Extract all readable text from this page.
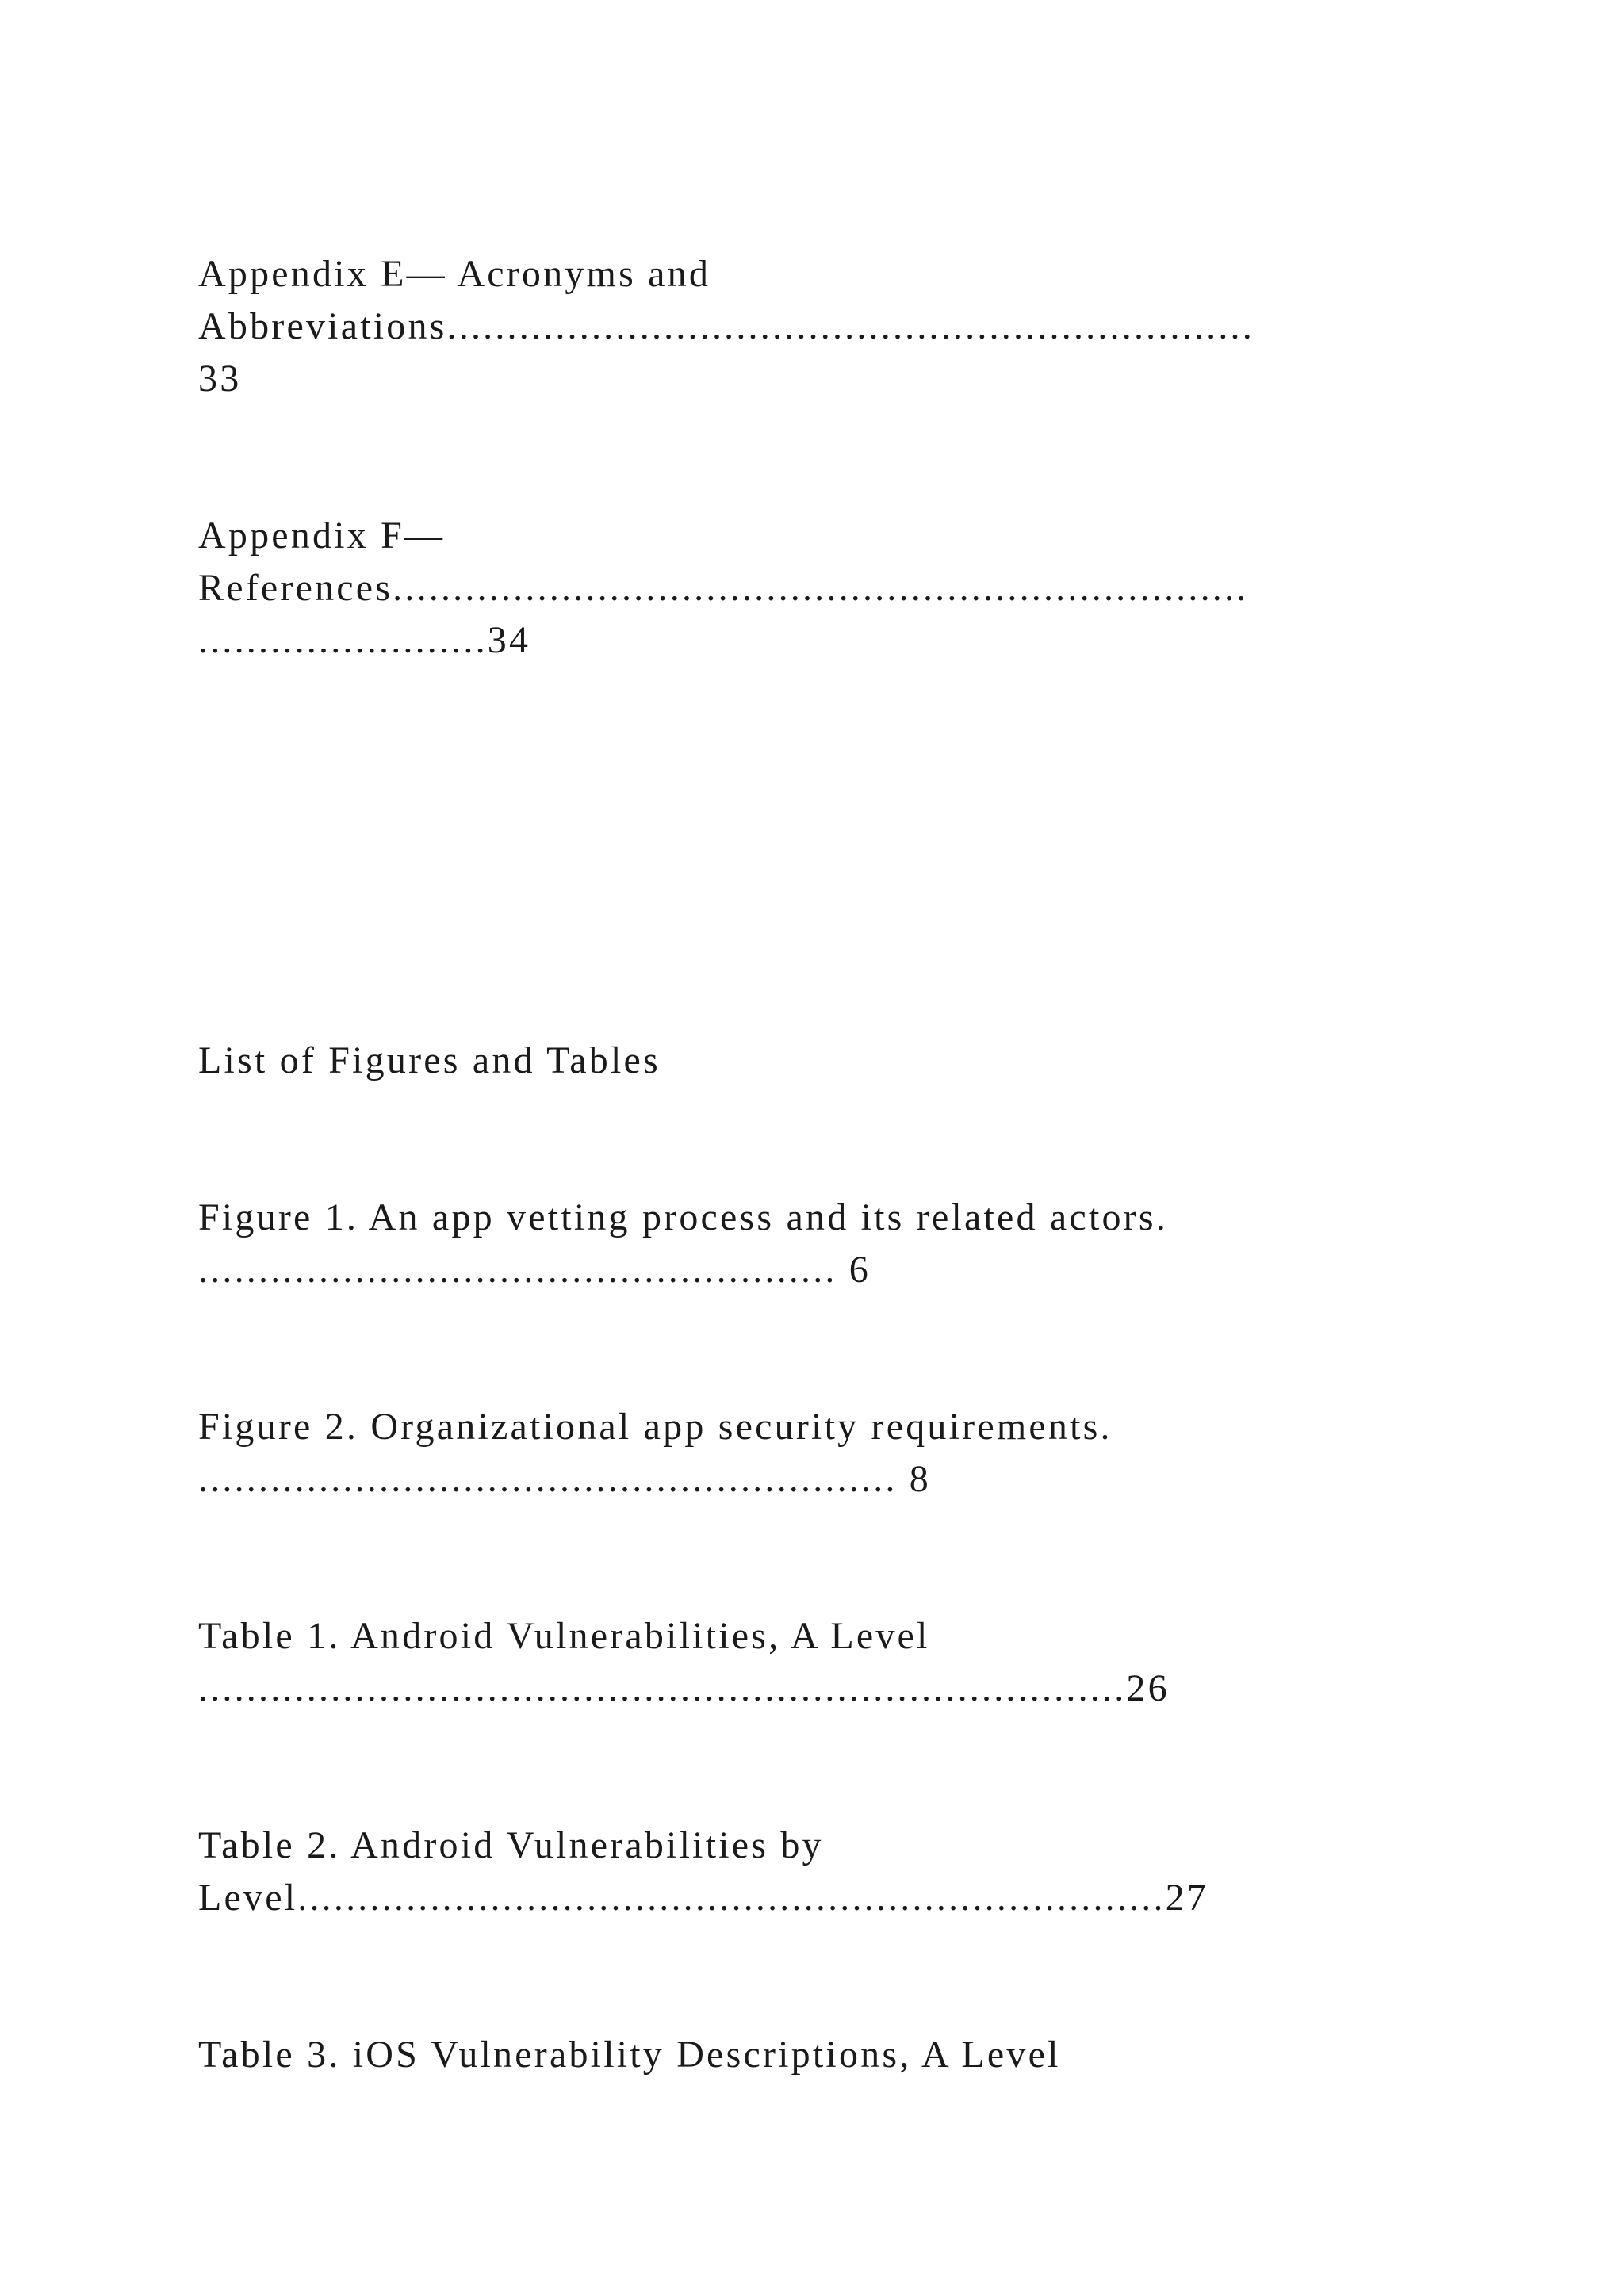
Appendix E— Acronyms and

Abbreviations...................................................................

33

Appendix F—

References.......................................................................

........................34

List of Figures and Tables

Figure 1. An app vetting process and its related actors.

..................................................... 6

Figure 2. Organizational app security requirements.

.......................................................... 8

Table 1. Android Vulnerabilities, A Level

.............................................................................26

Table 2. Android Vulnerabilities by

Level........................................................................27

Table 3. iOS Vulnerability Descriptions, A Level
